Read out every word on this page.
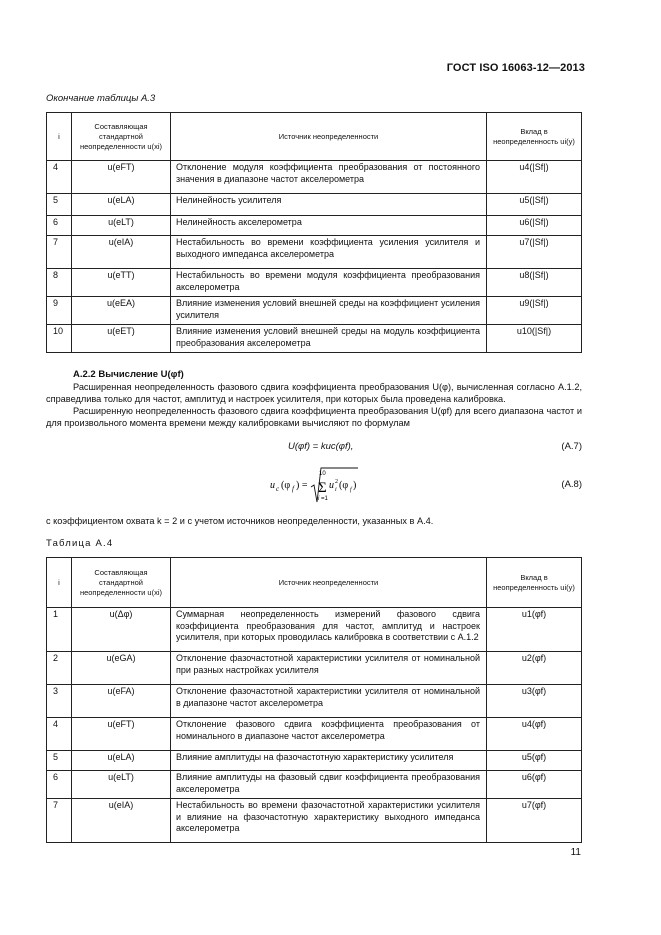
ГОСТ ISO 16063-12—2013
Окончание таблицы А.3
i	Составляющая стандартной неопределенности u(xi)	Источник неопределенности	Вклад в неопределенность ui(y)
4	u(eFT)	Отклонение модуля коэффициента преобразования от постоянного значения в диапазоне частот акселерометра	u4(|Sf|)
5	u(eLA)	Нелинейность усилителя	u5(|Sf|)
6	u(eLT)	Нелинейность акселерометра	u6(|Sf|)
7	u(eIA)	Нестабильность во времени коэффициента усиления усилителя и выходного импеданса акселерометра	u7(|Sf|)
8	u(eTT)	Нестабильность во времени модуля коэффициента преобразования акселерометра	u8(|Sf|)
9	u(eEA)	Влияние изменения условий внешней среды на коэффициент усиления усилителя	u9(|Sf|)
10	u(eET)	Влияние изменения условий внешней среды на модуль коэффициента преобразования акселерометра	u10(|Sf|)
А.2.2 Вычисление U(φf)

Расширенная неопределенность фазового сдвига коэффициента преобразования U(φ), вычисленная согласно А.1.2, справедлива только для частот, амплитуд и настроек усилителя, при которых была проведена калибровка.

Расширенную неопределенность фазового сдвига коэффициента преобразования U(φf) для всего диапазона частот и для произвольного момента времени между калибровками вычисляют по формулам

U(φf) = kuc(φf),	(А.7)
u c (φ f ) =
10
Σ
i =1
u 2
i (φ f )	(А.8)
с коэффициентом охвата k = 2 и с учетом источников неопределенности, указанных в А.4.
Таблица А.4
i	Составляющая стандартной неопределенности u(xi)	Источник неопределенности	Вклад в неопределенность ui(y)
1	u(Δφ)	Суммарная неопределенность измерений фазового сдвига коэффициента преобразования для частот, амплитуд и настроек усилителя, при которых проводилась калибровка в соответствии с А.1.2	u1(φf)
2	u(eGA)	Отклонение фазочастотной характеристики усилителя от номинальной при разных настройках усилителя	u2(φf)
3	u(eFA)	Отклонение фазочастотной характеристики усилителя от номинальной в диапазоне частот акселерометра	u3(φf)
4	u(eFT)	Отклонение фазового сдвига коэффициента преобразования от номинального в диапазоне частот акселерометра	u4(φf)
5	u(eLA)	Влияние амплитуды на фазочастотную характеристику усилителя	u5(φf)
6	u(eLT)	Влияние амплитуды на фазовый сдвиг коэффициента преобразования акселерометра	u6(φf)
7	u(eIA)	Нестабильность во времени фазочастотной характеристики усилителя и влияние на фазочастотную характеристику выходного импеданса акселерометра	u7(φf)
11
